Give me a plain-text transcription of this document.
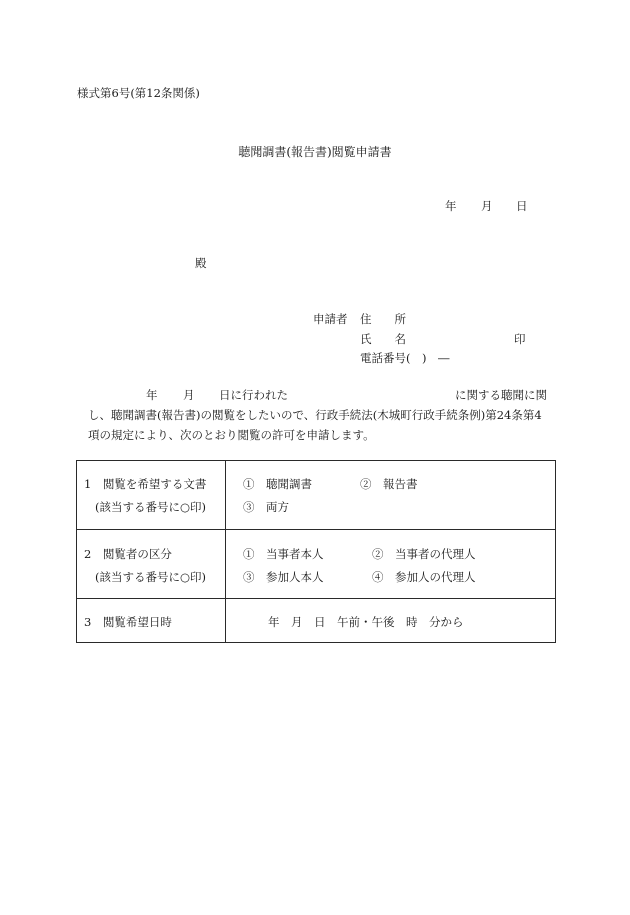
様式第6号(第12条関係)
聴聞調書(報告書)閲覧申請書
年 月 日
殿
申請者 住　　所
氏　　名	印
電話番号(　)　―
年 月 日に行われた	に関する聴聞に関
し、聴聞調書(報告書)の閲覧をしたいので、行政手続法(木城町行政手続条例)第24条第4
項の規定により、次のとおり閲覧の許可を申請します。
1　閲覧を希望する文書
(該当する番号に○印)	①　聴聞調書 ②　報告書
③　両方

2　閲覧者の区分
(該当する番号に○印)	①　当事者本人 ②　当事者の代理人
③　参加人本人 ④　参加人の代理人

3　閲覧希望日時	年　月　日　午前・午後　時　分から
